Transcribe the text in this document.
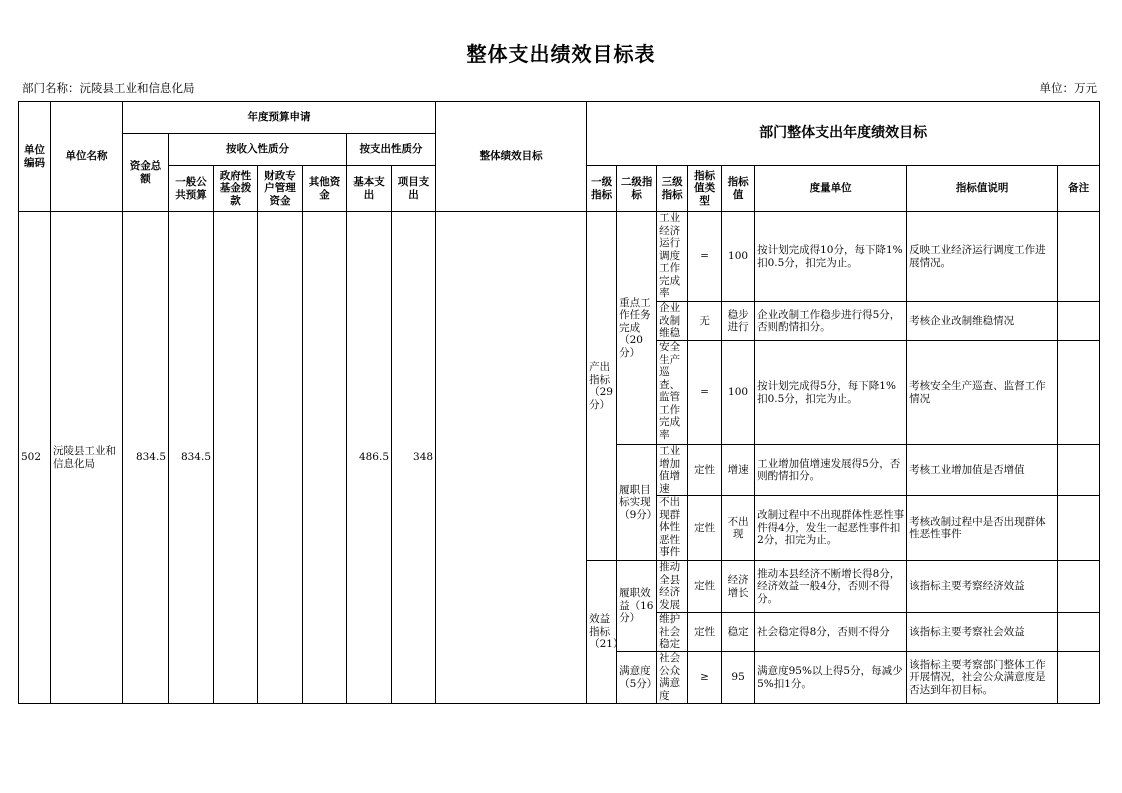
整体支出绩效目标表
部门名称：沅陵县工业和信息化局	单位：万元
单位编码	单位名称	年度预算申请							整体绩效目标	部门整体支出年度绩效目标							
		资金总额	按收入性质分				按支出性质分										
			一般公共预算	政府性基金拨款	财政专户管理资金	其他资金	基本支出	项目支出		一级指标	二级指标	三级指标	指标值类型	指标值	度量单位	指标值说明	备注
502	沅陵县工业和信息化局	834.5	834.5				486.5	348		产出指标（29分）	重点工作任务完成（20分）	工业经济运行调度工作完成率	=	100	按计划完成得10分，每下降1%扣0.5分，扣完为止。	反映工业经济运行调度工作进展情况。	
												企业改制维稳	无	稳步进行	企业改制工作稳步进行得5分，否则酌情扣分。	考核企业改制维稳情况	
												安全生产巡查、监管工作完成率	=	100	按计划完成得5分，每下降1%扣0.5分，扣完为止。	考核安全生产巡查、监督工作情况	
											履职目标实现（9分）	工业增加值增速	定性	增速	工业增加值增速发展得5分，否则酌情扣分。	考核工业增加值是否增值	
												不出现群体性恶性事件	定性	不出现	改制过程中不出现群体性恶性事件得4分，发生一起恶性事件扣2分，扣完为止。	考核改制过程中是否出现群体性恶性事件	
										效益指标（21）	履职效益（16分）	推动全县经济发展	定性	经济增长	推动本县经济不断增长得8分，经济效益一般4分，否则不得分。	该指标主要考察经济效益	
												维护社会稳定	定性	稳定	社会稳定得8分，否则不得分	该指标主要考察社会效益	
											满意度（5分）	社会公众满意度	≥	95	满意度95%以上得5分，每减少5%扣1分。	该指标主要考察部门整体工作开展情况，社会公众满意度是否达到年初目标。	
